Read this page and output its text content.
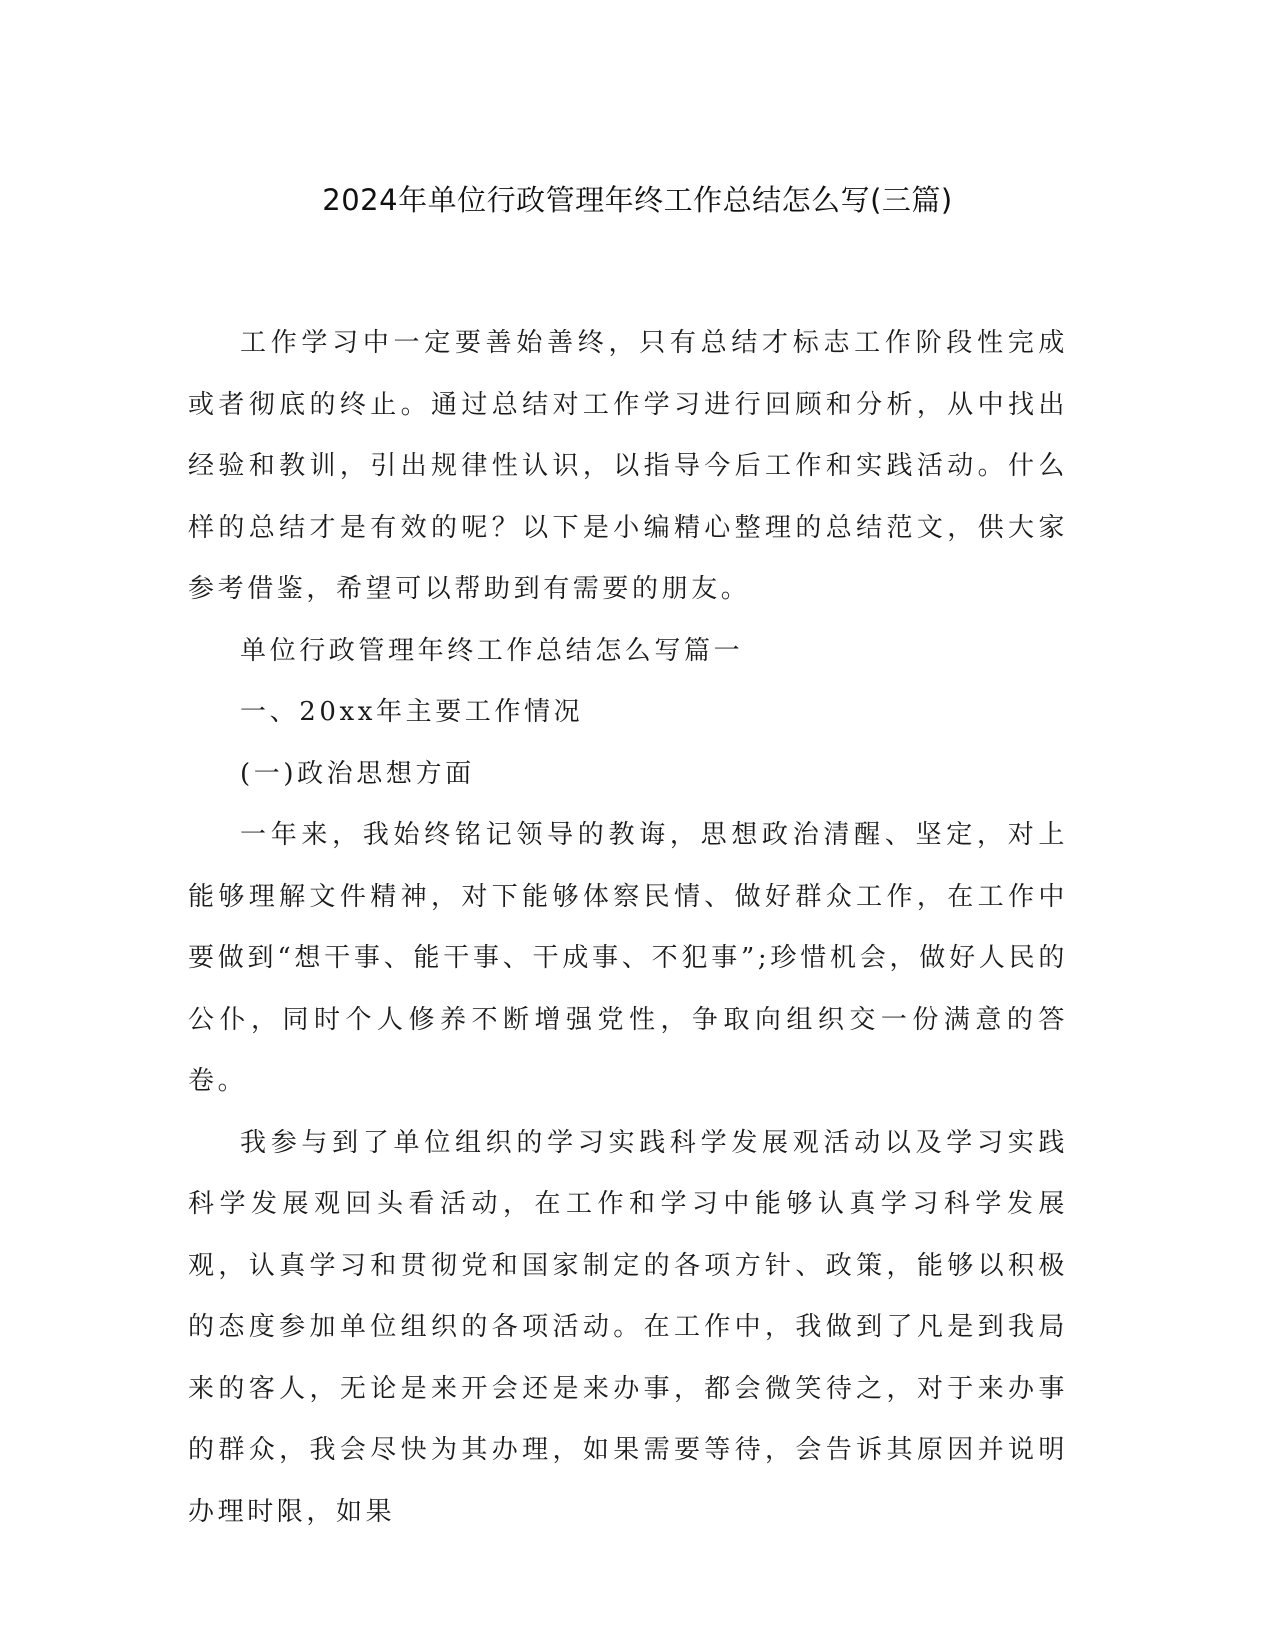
2024年单位行政管理年终工作总结怎么写(三篇)

工作学习中一定要善始善终，只有总结才标志工作阶段性完成或者彻底的终止。通过总结对工作学习进行回顾和分析，从中找出经验和教训，引出规律性认识，以指导今后工作和实践活动。什么样的总结才是有效的呢？以下是小编精心整理的总结范文，供大家参考借鉴，希望可以帮助到有需要的朋友。

单位行政管理年终工作总结怎么写篇一

一、20xx年主要工作情况

(一)政治思想方面

一年来，我始终铭记领导的教诲，思想政治清醒、坚定，对上能够理解文件精神，对下能够体察民情、做好群众工作，在工作中要做到“想干事、能干事、干成事、不犯事”;珍惜机会，做好人民的公仆，同时个人修养不断增强党性，争取向组织交一份满意的答卷。

我参与到了单位组织的学习实践科学发展观活动以及学习实践科学发展观回头看活动，在工作和学习中能够认真学习科学发展观，认真学习和贯彻党和国家制定的各项方针、政策，能够以积极的态度参加单位组织的各项活动。在工作中，我做到了凡是到我局来的客人，无论是来开会还是来办事，都会微笑待之，对于来办事的群众，我会尽快为其办理，如果需要等待，会告诉其原因并说明办理时限，如果
